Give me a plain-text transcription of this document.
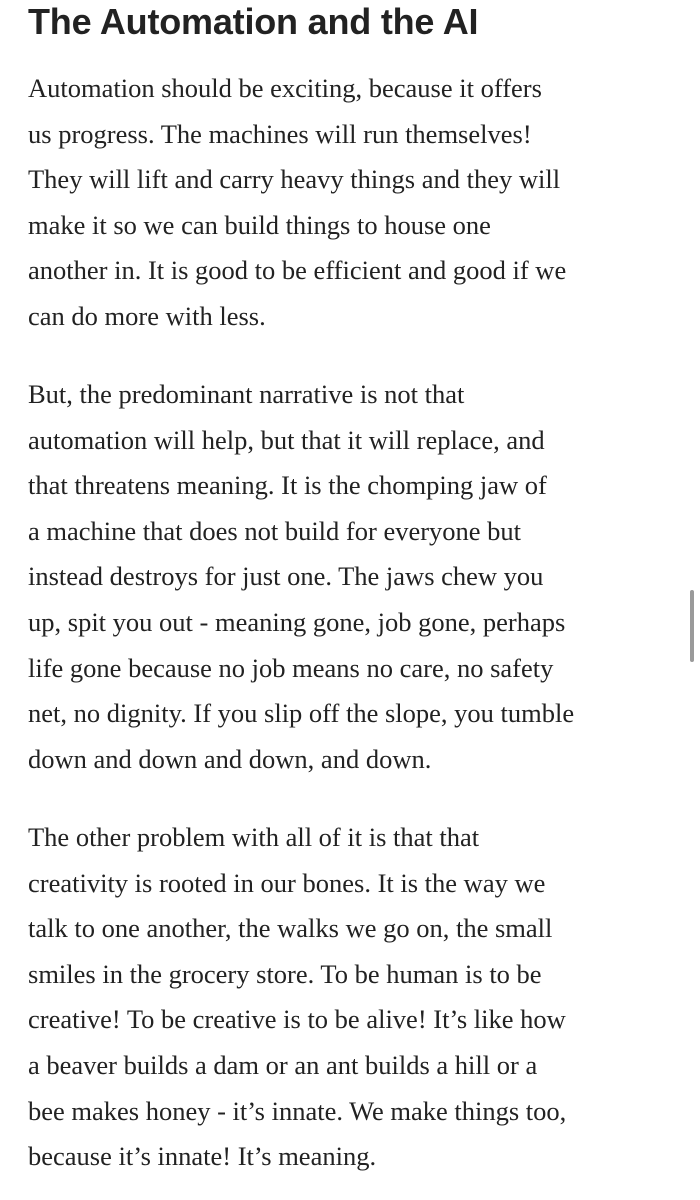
The Automation and the AI

Automation should be exciting, because it offers
us progress. The machines will run themselves!
They will lift and carry heavy things and they will
make it so we can build things to house one
another in. It is good to be efficient and good if we
can do more with less.

But, the predominant narrative is not that
automation will help, but that it will replace, and
that threatens meaning. It is the chomping jaw of
a machine that does not build for everyone but
instead destroys for just one. The jaws chew you
up, spit you out - meaning gone, job gone, perhaps
life gone because no job means no care, no safety
net, no dignity. If you slip off the slope, you tumble
down and down and down, and down.

The other problem with all of it is that that
creativity is rooted in our bones. It is the way we
talk to one another, the walks we go on, the small
smiles in the grocery store. To be human is to be
creative! To be creative is to be alive! It’s like how
a beaver builds a dam or an ant builds a hill or a
bee makes honey - it’s innate. We make things too,
because it’s innate! It’s meaning.
